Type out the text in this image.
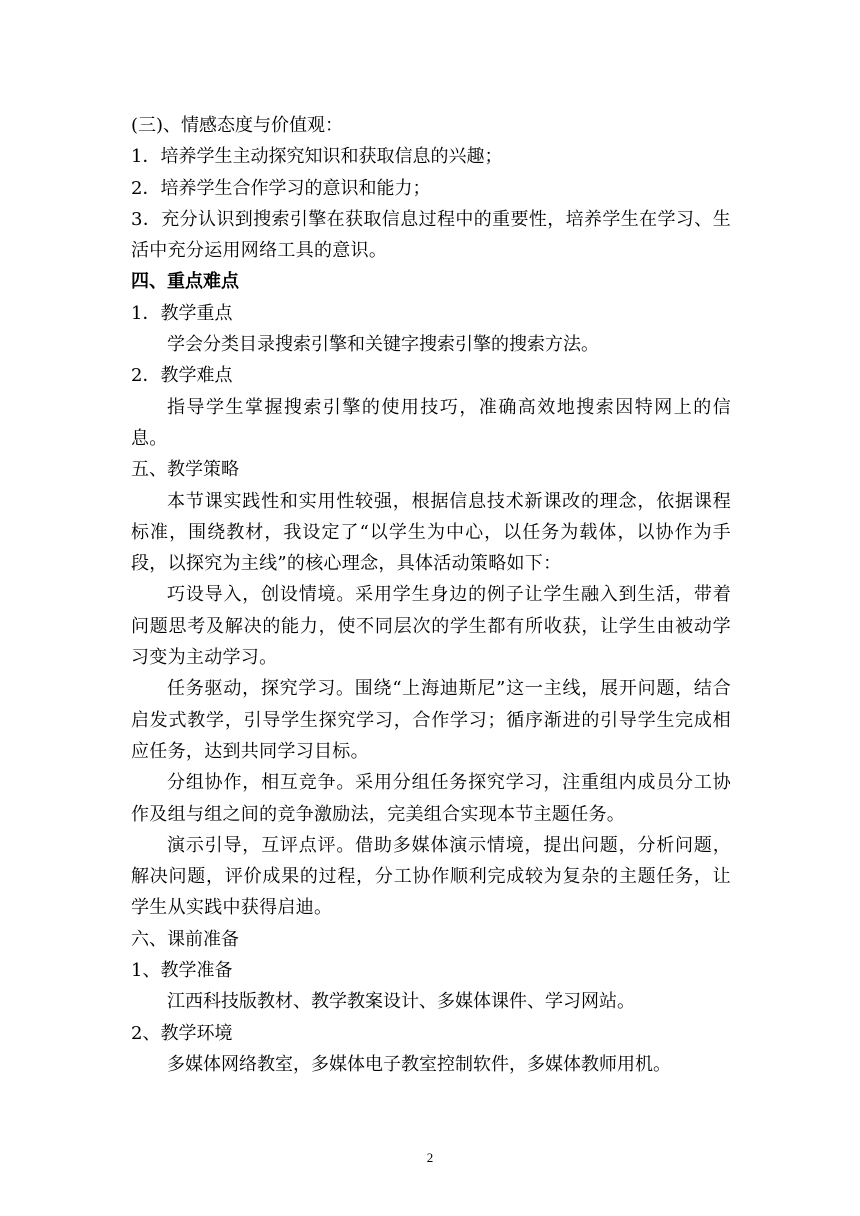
(三)、情感态度与价值观：

1．培养学生主动探究知识和获取信息的兴趣；

2．培养学生合作学习的意识和能力；

3．充分认识到搜索引擎在获取信息过程中的重要性，培养学生在学习、生活中充分运用网络工具的意识。

四、重点难点

1．教学重点

学会分类目录搜索引擎和关键字搜索引擎的搜索方法。

2．教学难点

指导学生掌握搜索引擎的使用技巧，准确高效地搜索因特网上的信息。

五、教学策略

本节课实践性和实用性较强，根据信息技术新课改的理念，依据课程标准，围绕教材，我设定了“以学生为中心，以任务为载体，以协作为手段，以探究为主线”的核心理念，具体活动策略如下：

巧设导入，创设情境。采用学生身边的例子让学生融入到生活，带着问题思考及解决的能力，使不同层次的学生都有所收获，让学生由被动学习变为主动学习。

任务驱动，探究学习。围绕“上海迪斯尼”这一主线，展开问题，结合启发式教学，引导学生探究学习，合作学习；循序渐进的引导学生完成相应任务，达到共同学习目标。

分组协作，相互竞争。采用分组任务探究学习，注重组内成员分工协作及组与组之间的竞争激励法，完美组合实现本节主题任务。

演示引导，互评点评。借助多媒体演示情境，提出问题，分析问题，解决问题，评价成果的过程，分工协作顺利完成较为复杂的主题任务，让学生从实践中获得启迪。

六、课前准备

1、教学准备

江西科技版教材、教学教案设计、多媒体课件、学习网站。

2、教学环境

多媒体网络教室，多媒体电子教室控制软件，多媒体教师用机。

2
